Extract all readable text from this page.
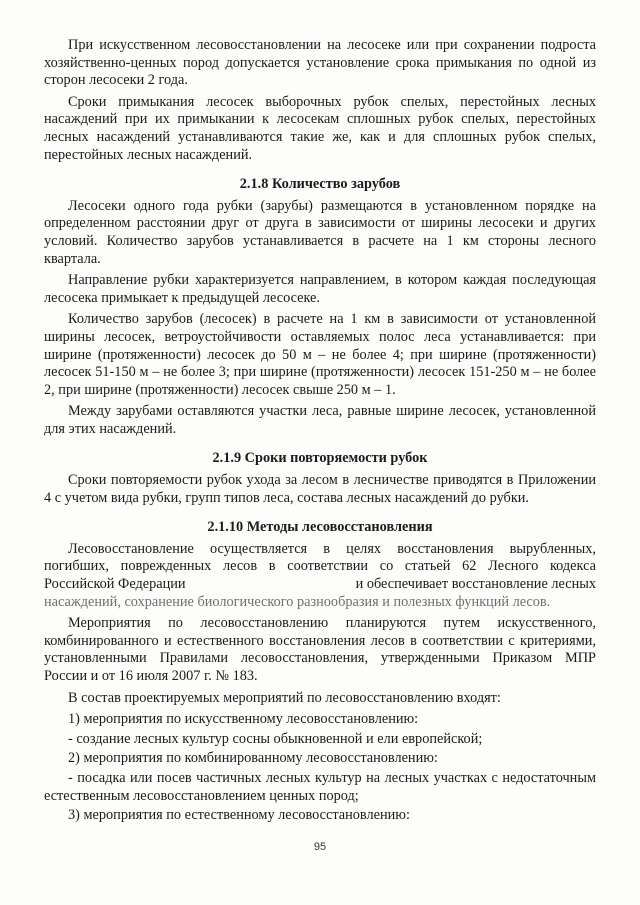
При искусственном лесовосстановлении на лесосеке или при сохранении подроста хозяйственно-ценных пород допускается установление срока примыкания по одной из сторон лесосеки 2 года.

Сроки примыкания лесосек выборочных рубок спелых, перестойных лесных насаждений при их примыкании к лесосекам сплошных рубок спелых, перестойных лесных насаждений устанавливаются такие же, как и для сплошных рубок спелых, перестойных лесных насаждений.

2.1.8 Количество зарубов

Лесосеки одного года рубки (зарубы) размещаются в установленном порядке на определенном расстоянии друг от друга в зависимости от ширины лесосеки и других условий. Количество зарубов устанавливается в расчете на 1 км стороны лесного квартала.

Направление рубки характеризуется направлением, в котором каждая последующая лесосека примыкает к предыдущей лесосеке.

Количество зарубов (лесосек) в расчете на 1 км в зависимости от установленной ширины лесосек, ветроустойчивости оставляемых полос леса устанавливается: при ширине (протяженности) лесосек до 50 м – не более 4; при ширине (протяженности) лесосек 51-150 м – не более 3; при ширине (протяженности) лесосек 151-250 м – не более 2, при ширине (протяженности) лесосек свыше 250 м – 1.

Между зарубами оставляются участки леса, равные ширине лесосек, установленной для этих насаждений.

2.1.9 Сроки повторяемости рубок

Сроки повторяемости рубок ухода за лесом в лесничестве приводятся в Приложении 4 с учетом вида рубки, групп типов леса, состава лесных насаждений до рубки.

2.1.10 Методы лесовосстановления

Лесовосстановление осуществляется в целях восстановления вырубленных, погибших, поврежденных лесов в соответствии со статьей 62 Лесного кодекса Российской Федерации	и обеспечивает восстановление лесных насаждений, сохранение биологического разнообразия и полезных функций лесов.

Мероприятия по лесовосстановлению планируются путем искусственного, комбинированного и естественного восстановления лесов в соответствии с критериями, установленными Правилами лесовосстановления, утвержденными Приказом МПР России и от 16 июля 2007 г. № 183.

В состав проектируемых мероприятий по лесовосстановлению входят:

1) мероприятия по искусственному лесовосстановлению:

- создание лесных культур сосны обыкновенной и ели европейской;

2) мероприятия по комбинированному лесовосстановлению:

- посадка или посев частичных лесных культур на лесных участках с недостаточным естественным лесовосстановлением ценных пород;

3) мероприятия по естественному лесовосстановлению:

95
